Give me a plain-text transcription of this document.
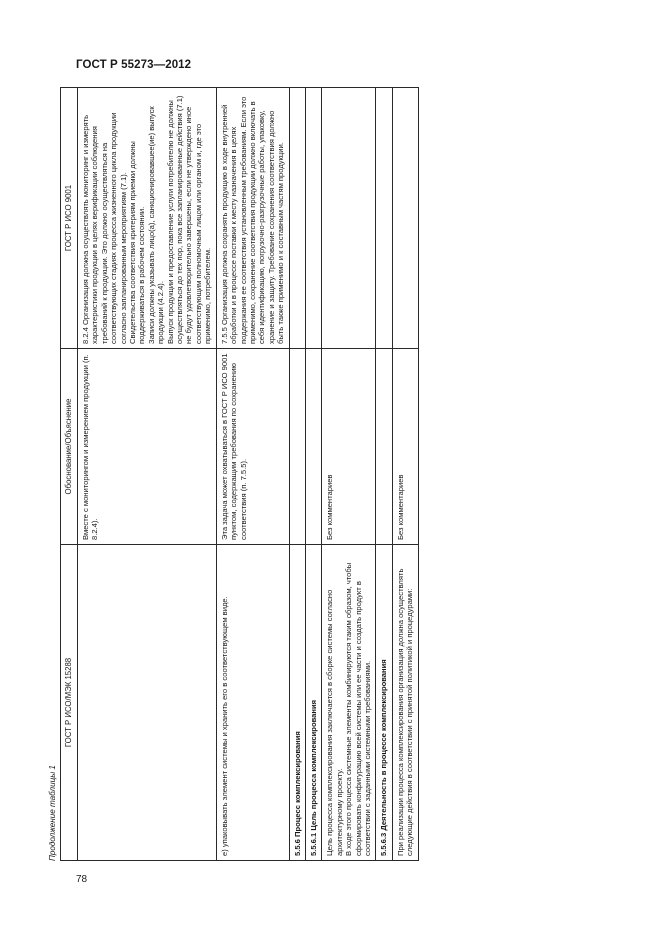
ГОСТ Р 55273—2012
Продолжение таблицы 1
ГОСТ Р ИСО/МЭК 15288	Обоснование/Объяснение	ГОСТ Р ИСО 9001
	Вместе с мониторингом и измерением продукции (п. 8.2.4).	8.2.4 Организация должна осуществлять мониторинг и измерять характеристики продукции в целях верификации соблюдения требований к продукции. Это должно осуществляться на соответствующих стадиях процесса жизненного цикла продукции согласно запланированным мероприятиям (7.1). Свидетельства соответствия критериям приемки должны поддерживаться в рабочем состоянии. Записи должны указывать лицо(а), санкционировавшее(ие) выпуск продукции (4.2.4). Выпуск продукции и предоставление услуги потребителю не должны осуществляться до тех пор, пока все запланированные действия (7.1) не будут удовлетворительно завершены, если не утверждено иное соответствующим полномочным лицом или органом и, где это применимо, потребителем.

е) упаковывать элемент системы и хранить его в соответствующем виде.	Эта задача может охватываться в ГОСТ Р ИСО 9001 пунктом, содержащим требования по сохранению соответствия (п. 7.5.5).	7.5.5 Организация должна сохранять продукцию в ходе внутренней обработки и в процессе поставки к месту назначения в целях поддержания ее соответствия установленным требованиям. Если это применимо, сохранение соответствия продукции должно включать в себя идентификацию, погрузочно-разгрузочные работы, упаковку, хранение и защиту. Требование сохранения соответствия должно быть также применимо и к составным частям продукции.
5.5.6 Процесс комплексирования		
5.5.6.1 Цель процесса комплексирования		

Цель процесса комплексирования заключается в сборке системы согласно архитектурному проекту. В ходе этого процесса системные элементы комбинируются таким образом, чтобы сформировать конфигурацию всей системы или ее части и создать продукт в соответствии с заданными системными требованиями.	Без комментариев	
5.5.6.3 Деятельность в процессе комплексирования		
При реализации процесса комплексирования организация должна осуществлять следующие действия в соответствии с принятой политикой и процедурами:	Без комментариев	
78
